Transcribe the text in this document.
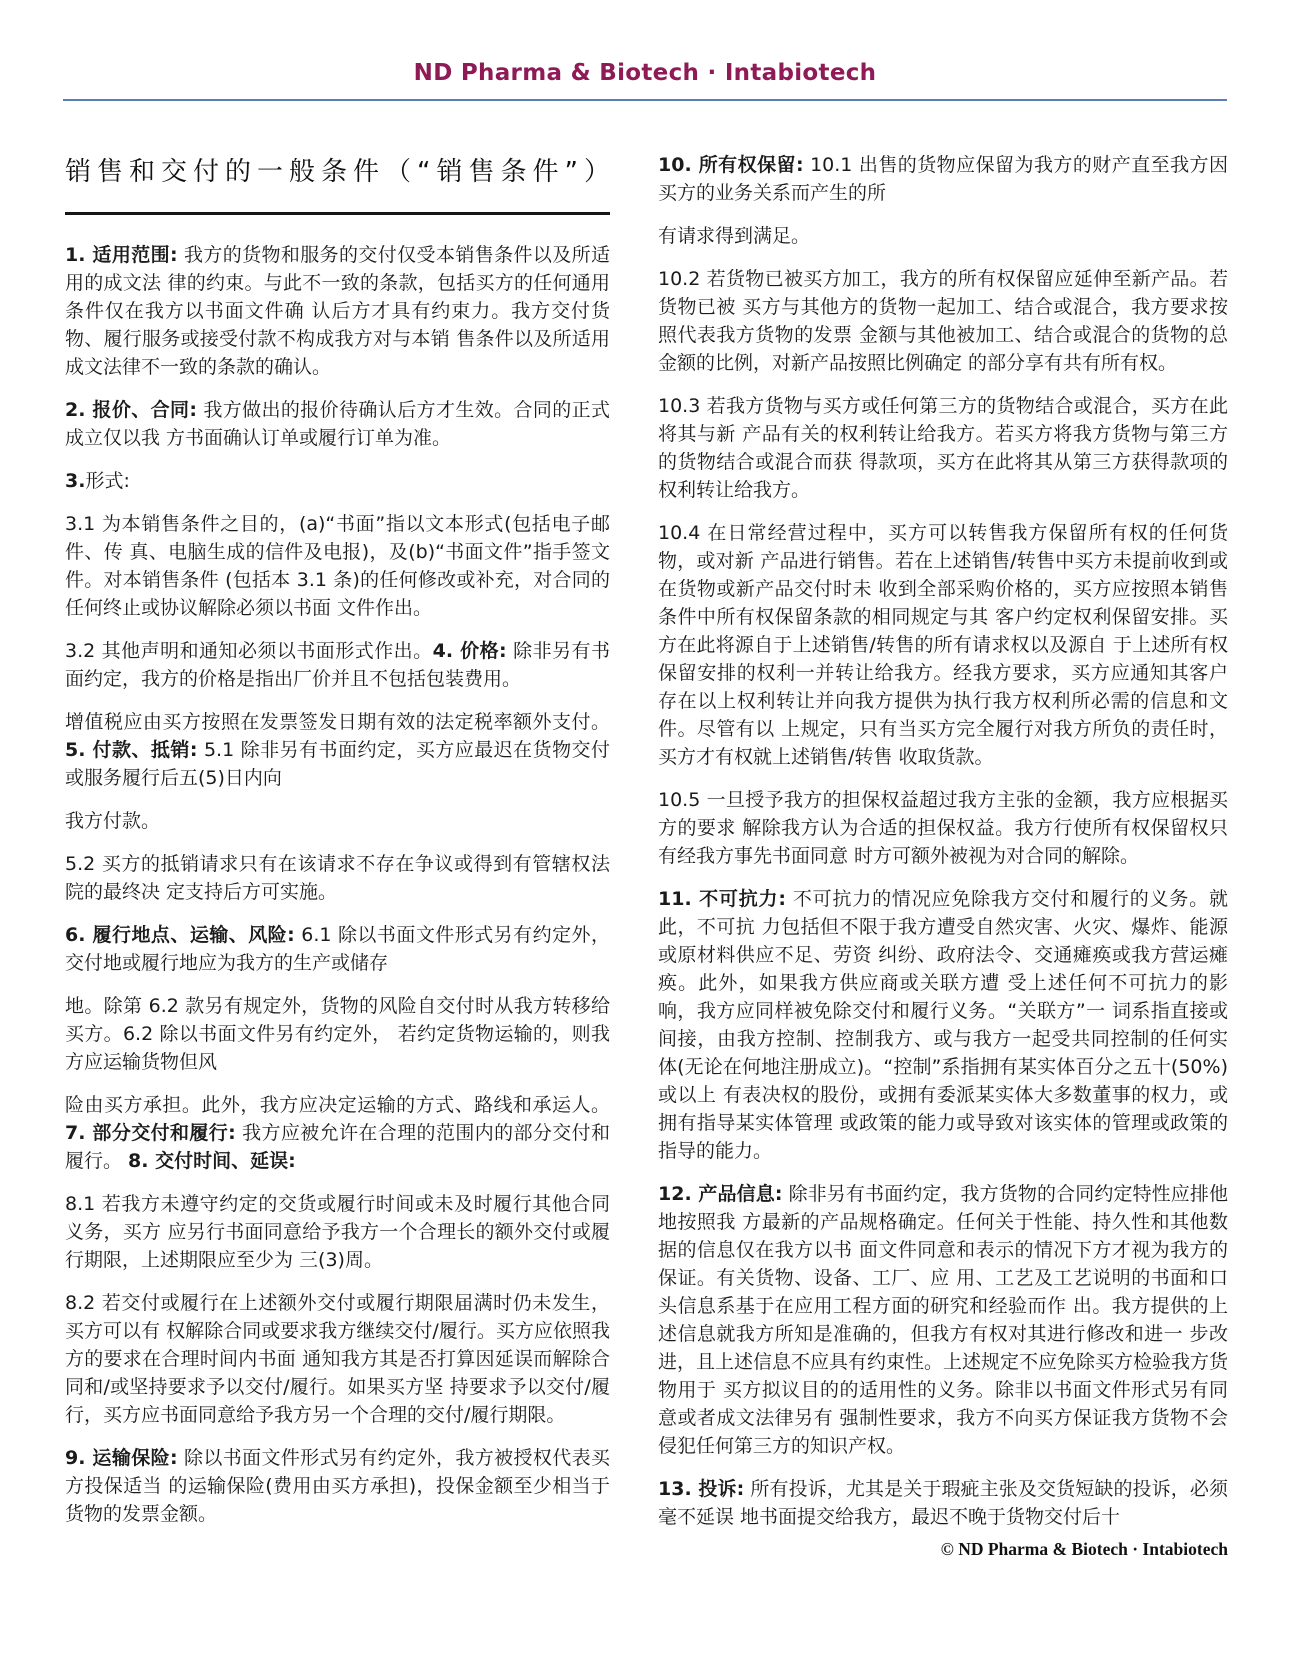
ND Pharma & Biotech · Intabiotech
销售和交付的一般条件（“销售条件”）

1. 适用范围: 我方的货物和服务的交付仅受本销售条件以及所适用的成文法 律的约束。与此不一致的条款，包括买方的任何通用条件仅在我方以书面文件确 认后方才具有约束力。我方交付货物、履行服务或接受付款不构成我方对与本销 售条件以及所适用成文法律不一致的条款的确认。

2. 报价、合同: 我方做出的报价待确认后方才生效。合同的正式成立仅以我 方书面确认订单或履行订单为准。

3.形式:

3.1 为本销售条件之目的，(a)“书面”指以文本形式(包括电子邮件、传 真、电脑生成的信件及电报)，及(b)“书面文件”指手签文件。对本销售条件 (包括本 3.1 条)的任何修改或补充，对合同的任何终止或协议解除必须以书面 文件作出。

3.2 其他声明和通知必须以书面形式作出。4. 价格: 除非另有书面约定，我方的价格是指出厂价并且不包括包装费用。

增值税应由买方按照在发票签发日期有效的法定税率额外支付。5. 付款、抵销: 5.1 除非另有书面约定，买方应最迟在货物交付或服务履行后五(5)日内向

我方付款。

5.2 买方的抵销请求只有在该请求不存在争议或得到有管辖权法院的最终决 定支持后方可实施。

6. 履行地点、运输、风险: 6.1 除以书面文件形式另有约定外，交付地或履行地应为我方的生产或储存

地。除第 6.2 款另有规定外，货物的风险自交付时从我方转移给买方。6.2 除以书面文件另有约定外， 若约定货物运输的，则我方应运输货物但风

险由买方承担。此外，我方应决定运输的方式、路线和承运人。7. 部分交付和履行: 我方应被允许在合理的范围内的部分交付和履行。 8. 交付时间、延误:

8.1 若我方未遵守约定的交货或履行时间或未及时履行其他合同义务，买方 应另行书面同意给予我方一个合理长的额外交付或履行期限，上述期限应至少为 三(3)周。

8.2 若交付或履行在上述额外交付或履行期限届满时仍未发生，买方可以有 权解除合同或要求我方继续交付/履行。买方应依照我方的要求在合理时间内书面 通知我方其是否打算因延误而解除合同和/或坚持要求予以交付/履行。如果买方坚 持要求予以交付/履行，买方应书面同意给予我方另一个合理的交付/履行期限。

9. 运输保险: 除以书面文件形式另有约定外，我方被授权代表买方投保适当 的运输保险(费用由买方承担)，投保金额至少相当于货物的发票金额。

10. 所有权保留: 10.1 出售的货物应保留为我方的财产直至我方因买方的业务关系而产生的所

有请求得到满足。

10.2 若货物已被买方加工，我方的所有权保留应延伸至新产品。若货物已被 买方与其他方的货物一起加工、结合或混合，我方要求按照代表我方货物的发票 金额与其他被加工、结合或混合的货物的总金额的比例，对新产品按照比例确定 的部分享有共有所有权。

10.3 若我方货物与买方或任何第三方的货物结合或混合，买方在此将其与新 产品有关的权利转让给我方。若买方将我方货物与第三方的货物结合或混合而获 得款项，买方在此将其从第三方获得款项的权利转让给我方。

10.4 在日常经营过程中，买方可以转售我方保留所有权的任何货物，或对新 产品进行销售。若在上述销售/转售中买方未提前收到或在货物或新产品交付时未 收到全部采购价格的，买方应按照本销售条件中所有权保留条款的相同规定与其 客户约定权利保留安排。买方在此将源自于上述销售/转售的所有请求权以及源自 于上述所有权保留安排的权利一并转让给我方。经我方要求，买方应通知其客户 存在以上权利转让并向我方提供为执行我方权利所必需的信息和文件。尽管有以 上规定，只有当买方完全履行对我方所负的责任时，买方才有权就上述销售/转售 收取货款。

10.5 一旦授予我方的担保权益超过我方主张的金额，我方应根据买方的要求 解除我方认为合适的担保权益。我方行使所有权保留权只有经我方事先书面同意 时方可额外被视为对合同的解除。

11. 不可抗力: 不可抗力的情况应免除我方交付和履行的义务。就此，不可抗 力包括但不限于我方遭受自然灾害、火灾、爆炸、能源或原材料供应不足、劳资 纠纷、政府法令、交通瘫痪或我方营运瘫痪。此外，如果我方供应商或关联方遭 受上述任何不可抗力的影响，我方应同样被免除交付和履行义务。“关联方”一 词系指直接或间接，由我方控制、控制我方、或与我方一起受共同控制的任何实 体(无论在何地注册成立)。“控制”系指拥有某实体百分之五十(50%)或以上 有表决权的股份，或拥有委派某实体大多数董事的权力，或拥有指导某实体管理 或政策的能力或导致对该实体的管理或政策的指导的能力。

12. 产品信息: 除非另有书面约定，我方货物的合同约定特性应排他地按照我 方最新的产品规格确定。任何关于性能、持久性和其他数据的信息仅在我方以书 面文件同意和表示的情况下方才视为我方的保证。有关货物、设备、工厂、应 用、工艺及工艺说明的书面和口头信息系基于在应用工程方面的研究和经验而作 出。我方提供的上述信息就我方所知是准确的，但我方有权对其进行修改和进一 步改进，且上述信息不应具有约束性。上述规定不应免除买方检验我方货物用于 买方拟议目的的适用性的义务。除非以书面文件形式另有同意或者成文法律另有 强制性要求，我方不向买方保证我方货物不会侵犯任何第三方的知识产权。

13. 投诉: 所有投诉，尤其是关于瑕疵主张及交货短缺的投诉，必须毫不延误 地书面提交给我方，最迟不晚于货物交付后十

© ND Pharma & Biotech · Intabiotech
